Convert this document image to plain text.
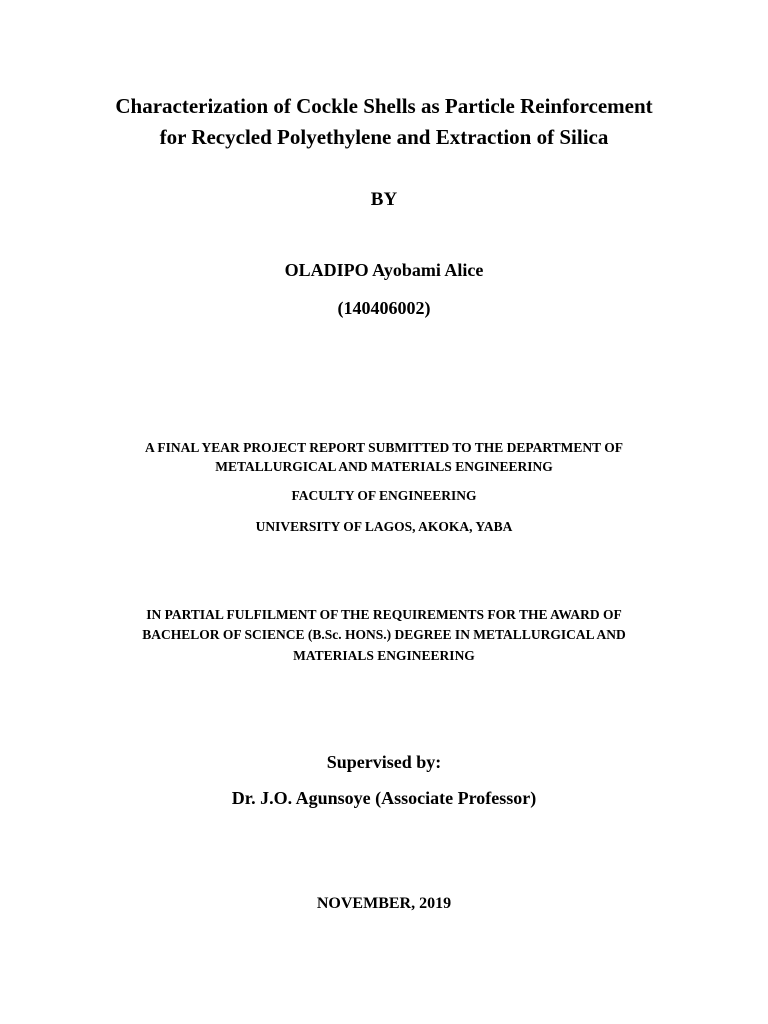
Characterization of Cockle Shells as Particle Reinforcement
for Recycled Polyethylene and Extraction of Silica
BY
OLADIPO Ayobami Alice
(140406002)
A FINAL YEAR PROJECT REPORT SUBMITTED TO THE DEPARTMENT OF
METALLURGICAL AND MATERIALS ENGINEERING
FACULTY OF ENGINEERING
UNIVERSITY OF LAGOS, AKOKA, YABA
IN PARTIAL FULFILMENT OF THE REQUIREMENTS FOR THE AWARD OF
BACHELOR OF SCIENCE (B.Sc. HONS.) DEGREE IN METALLURGICAL AND
MATERIALS ENGINEERING
Supervised by:
Dr. J.O. Agunsoye (Associate Professor)
NOVEMBER, 2019
